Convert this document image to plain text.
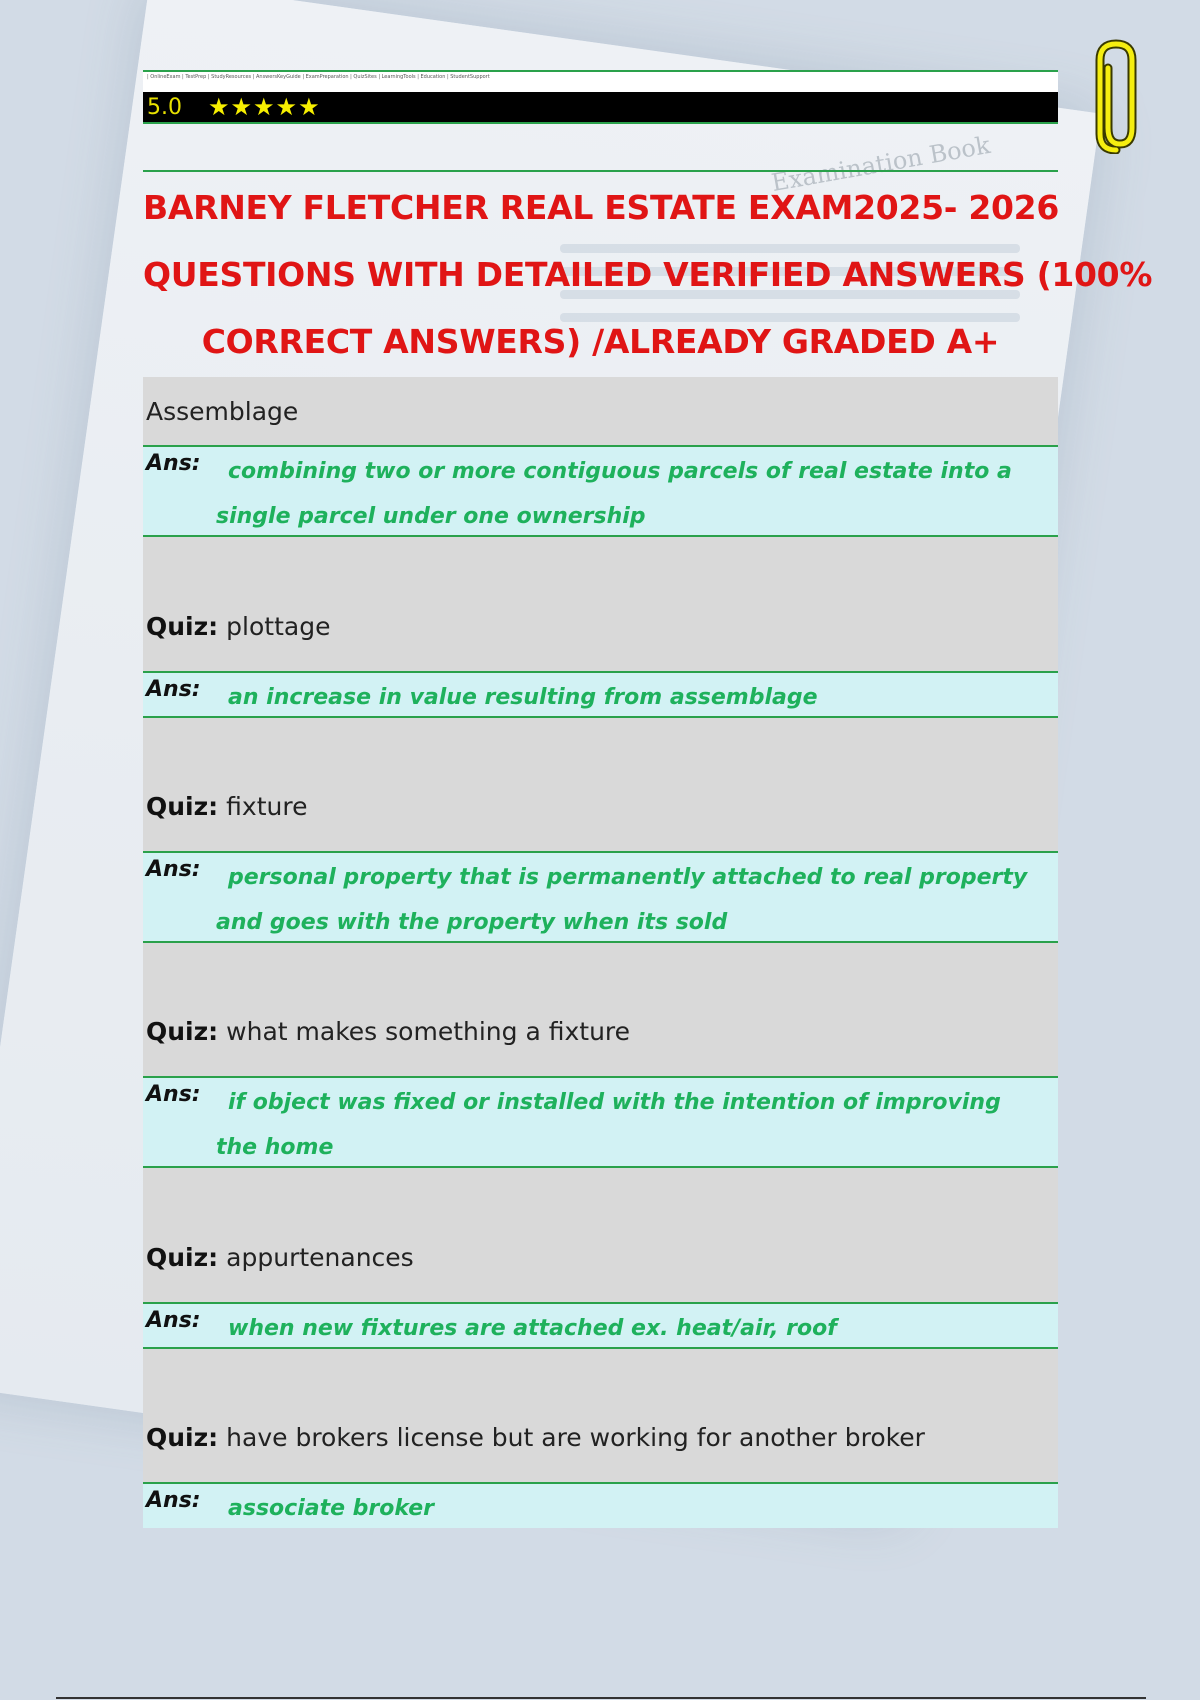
Examination Book
| OnlineExam | TestPrep | StudyResources | AnswersKeyGuide | ExamPreparation | QuizSites | LearningTools | Education | StudentSupport
5.0 ★★★★★
BARNEY FLETCHER REAL ESTATE EXAM2025- 2026
QUESTIONS WITH DETAILED VERIFIED ANSWERS (100%
CORRECT ANSWERS) /ALREADY GRADED A+
Assemblage
Ans:	combining two or more contiguous parcels of real estate into a single parcel under one ownership
Quiz: plottage
Ans:	an increase in value resulting from assemblage
Quiz: fixture
Ans:	personal property that is permanently attached to real property and goes with the property when its sold
Quiz: what makes something a fixture
Ans:	if object was fixed or installed with the intention of improving the home
Quiz: appurtenances
Ans:	when new fixtures are attached ex. heat/air, roof
Quiz: have brokers license but are working for another broker
Ans:	associate broker
